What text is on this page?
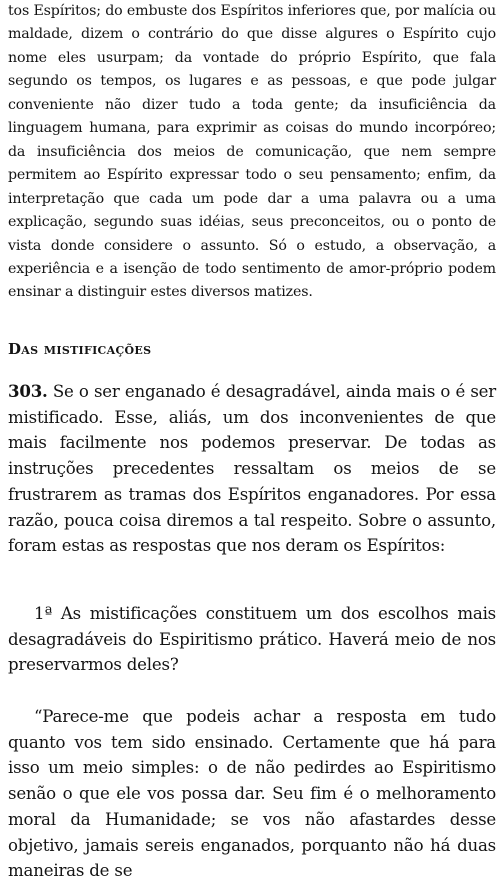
tos Espíritos; do embuste dos Espíritos inferiores que, por malícia ou maldade, dizem o contrário do que disse algures o Espírito cujo nome eles usurpam; da vontade do próprio Espírito, que fala segundo os tempos, os lugares e as pessoas, e que pode julgar conveniente não dizer tudo a toda gente; da insuficiência da linguagem humana, para exprimir as coisas do mundo incorpóreo; da insuficiência dos meios de comunicação, que nem sempre permitem ao Espírito expressar todo o seu pensamento; enfim, da interpretação que cada um pode dar a uma palavra ou a uma explicação, segundo suas idéias, seus preconceitos, ou o ponto de vista donde considere o assunto. Só o estudo, a observação, a experiência e a isenção de todo sentimento de amor-próprio podem ensinar a distinguir estes diversos matizes.

Das mistificações

303. Se o ser enganado é desagradável, ainda mais o é ser mistificado. Esse, aliás, um dos inconvenientes de que mais facilmente nos podemos preservar. De todas as instruções precedentes ressaltam os meios de se frustrarem as tramas dos Espíritos enganadores. Por essa razão, pouca coisa diremos a tal respeito. Sobre o assunto, foram estas as respostas que nos deram os Espíritos:

1ª As mistificações constituem um dos escolhos mais desagradáveis do Espiritismo prático. Haverá meio de nos preservarmos deles?

“Parece-me que podeis achar a resposta em tudo quanto vos tem sido ensinado. Certamente que há para isso um meio simples: o de não pedirdes ao Espiritismo senão o que ele vos possa dar. Seu fim é o melhoramento moral da Humanidade; se vos não afastardes desse objetivo, jamais sereis enganados, porquanto não há duas maneiras de se
